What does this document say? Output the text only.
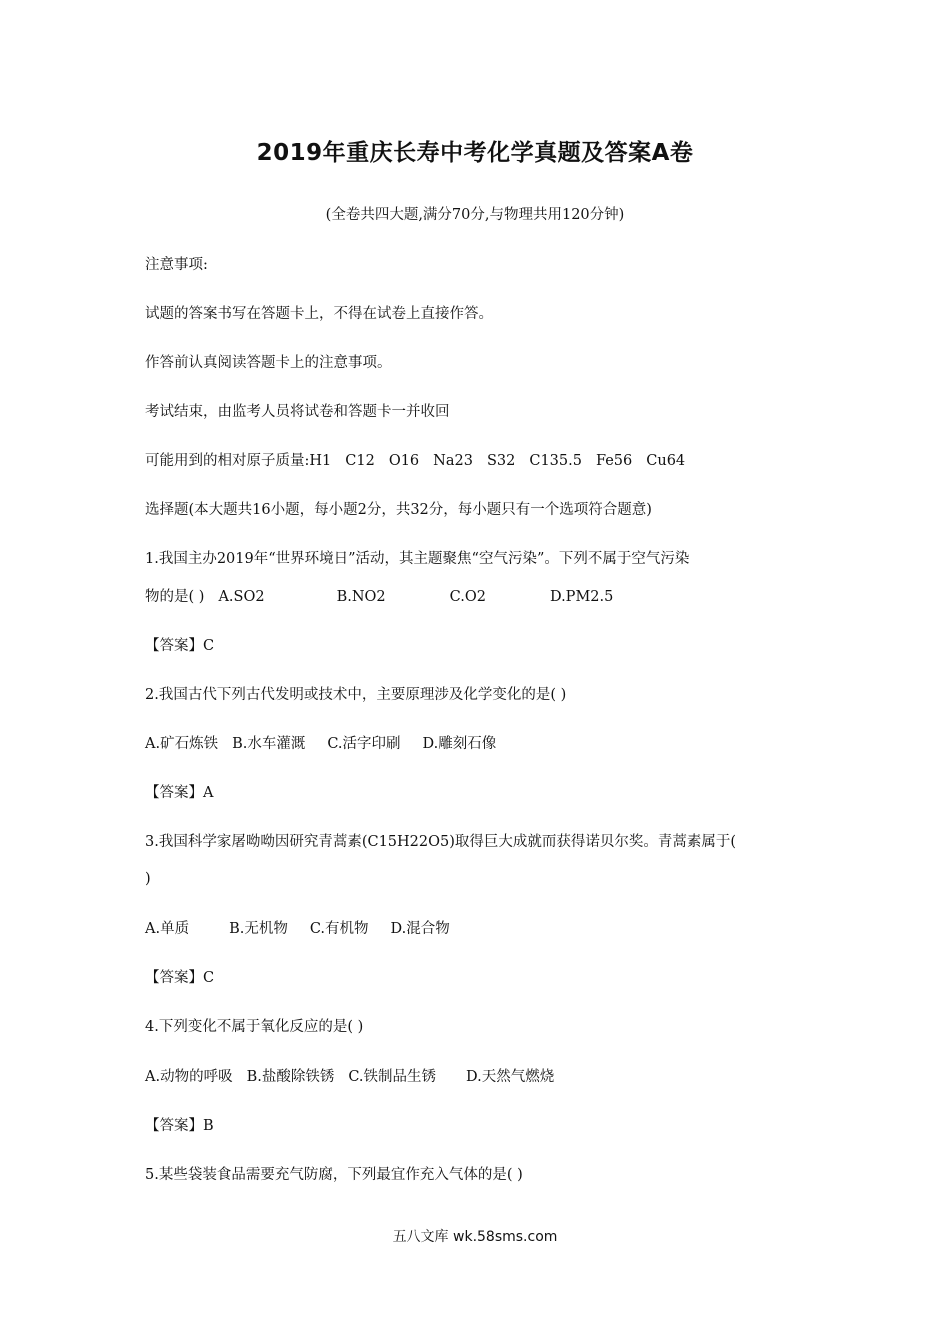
2019年重庆长寿中考化学真题及答案A卷
(全卷共四大题,满分70分,与物理共用120分钟)
注意事项:
试题的答案书写在答题卡上，不得在试卷上直接作答。
作答前认真阅读答题卡上的注意事项。
考试结束，由监考人员将试卷和答题卡一并收回
可能用到的相对原子质量:H1 C12 O16 Na23 S32 C135.5 Fe56 Cu64
选择题(本大题共16小题，每小题2分，共32分，每小题只有一个选项符合题意)
1.我国主办2019年“世界环境日”活动，其主题聚焦“空气污染”。下列不属于空气污染
物的是( ) A.SO2	B.NO2	C.O2	D.PM2.5
【答案】C
2.我国古代下列古代发明或技术中，主要原理涉及化学变化的是( )
A.矿石炼铁 B.水车灌溉 C.活字印刷 D.雕刻石像
【答案】A
3.我国科学家屠呦呦因研究青蒿素(C15H22O5)取得巨大成就而获得诺贝尔奖。青蒿素属于(
)
A.单质	B.无机物 C.有机物 D.混合物
【答案】C
4.下列变化不属于氧化反应的是( )
A.动物的呼吸 B.盐酸除铁锈 C.铁制品生锈 D.天然气燃烧
【答案】B
5.某些袋装食品需要充气防腐，下列最宜作充入气体的是( )
五八文库 wk.58sms.com
